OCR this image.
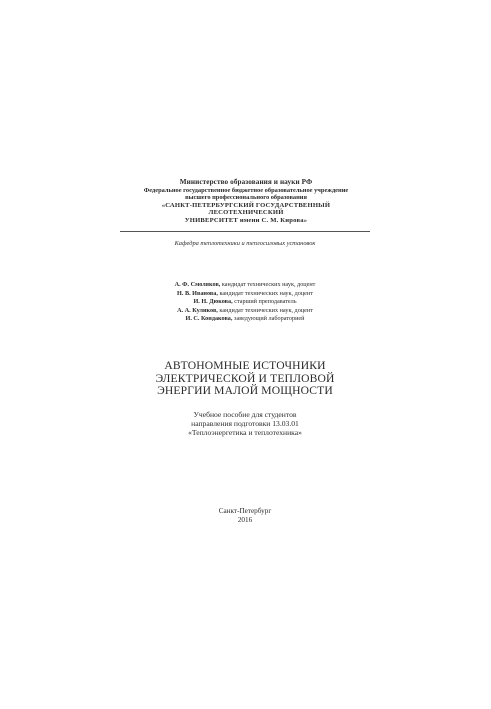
Министерство образования и науки РФ
Федеральное государственное бюджетное образовательное учреждение
высшего профессионального образования
«САНКТ-ПЕТЕРБУРГСКИЙ ГОСУДАРСТВЕННЫЙ ЛЕСОТЕХНИЧЕСКИЙ
УНИВЕРСИТЕТ имени С. М. Кирова»
Кафедра теплотехники и теплосиловых установок
А. Ф. Смоляков, кандидат технических наук, доцент
Н. В. Иванова, кандидат технических наук, доцент
И. Н. Дюкова, старший преподаватель
А. А. Куликов, кандидат технических наук, доцент
И. С. Кондакова, заведующий лабораторией
АВТОНОМНЫЕ ИСТОЧНИКИ
ЭЛЕКТРИЧЕСКОЙ И ТЕПЛОВОЙ
ЭНЕРГИИ МАЛОЙ МОЩНОСТИ
Учебное пособие для студентов
направления подготовки 13.03.01
«Теплоэнергетика и теплотехника»
Санкт-Петербург
2016
